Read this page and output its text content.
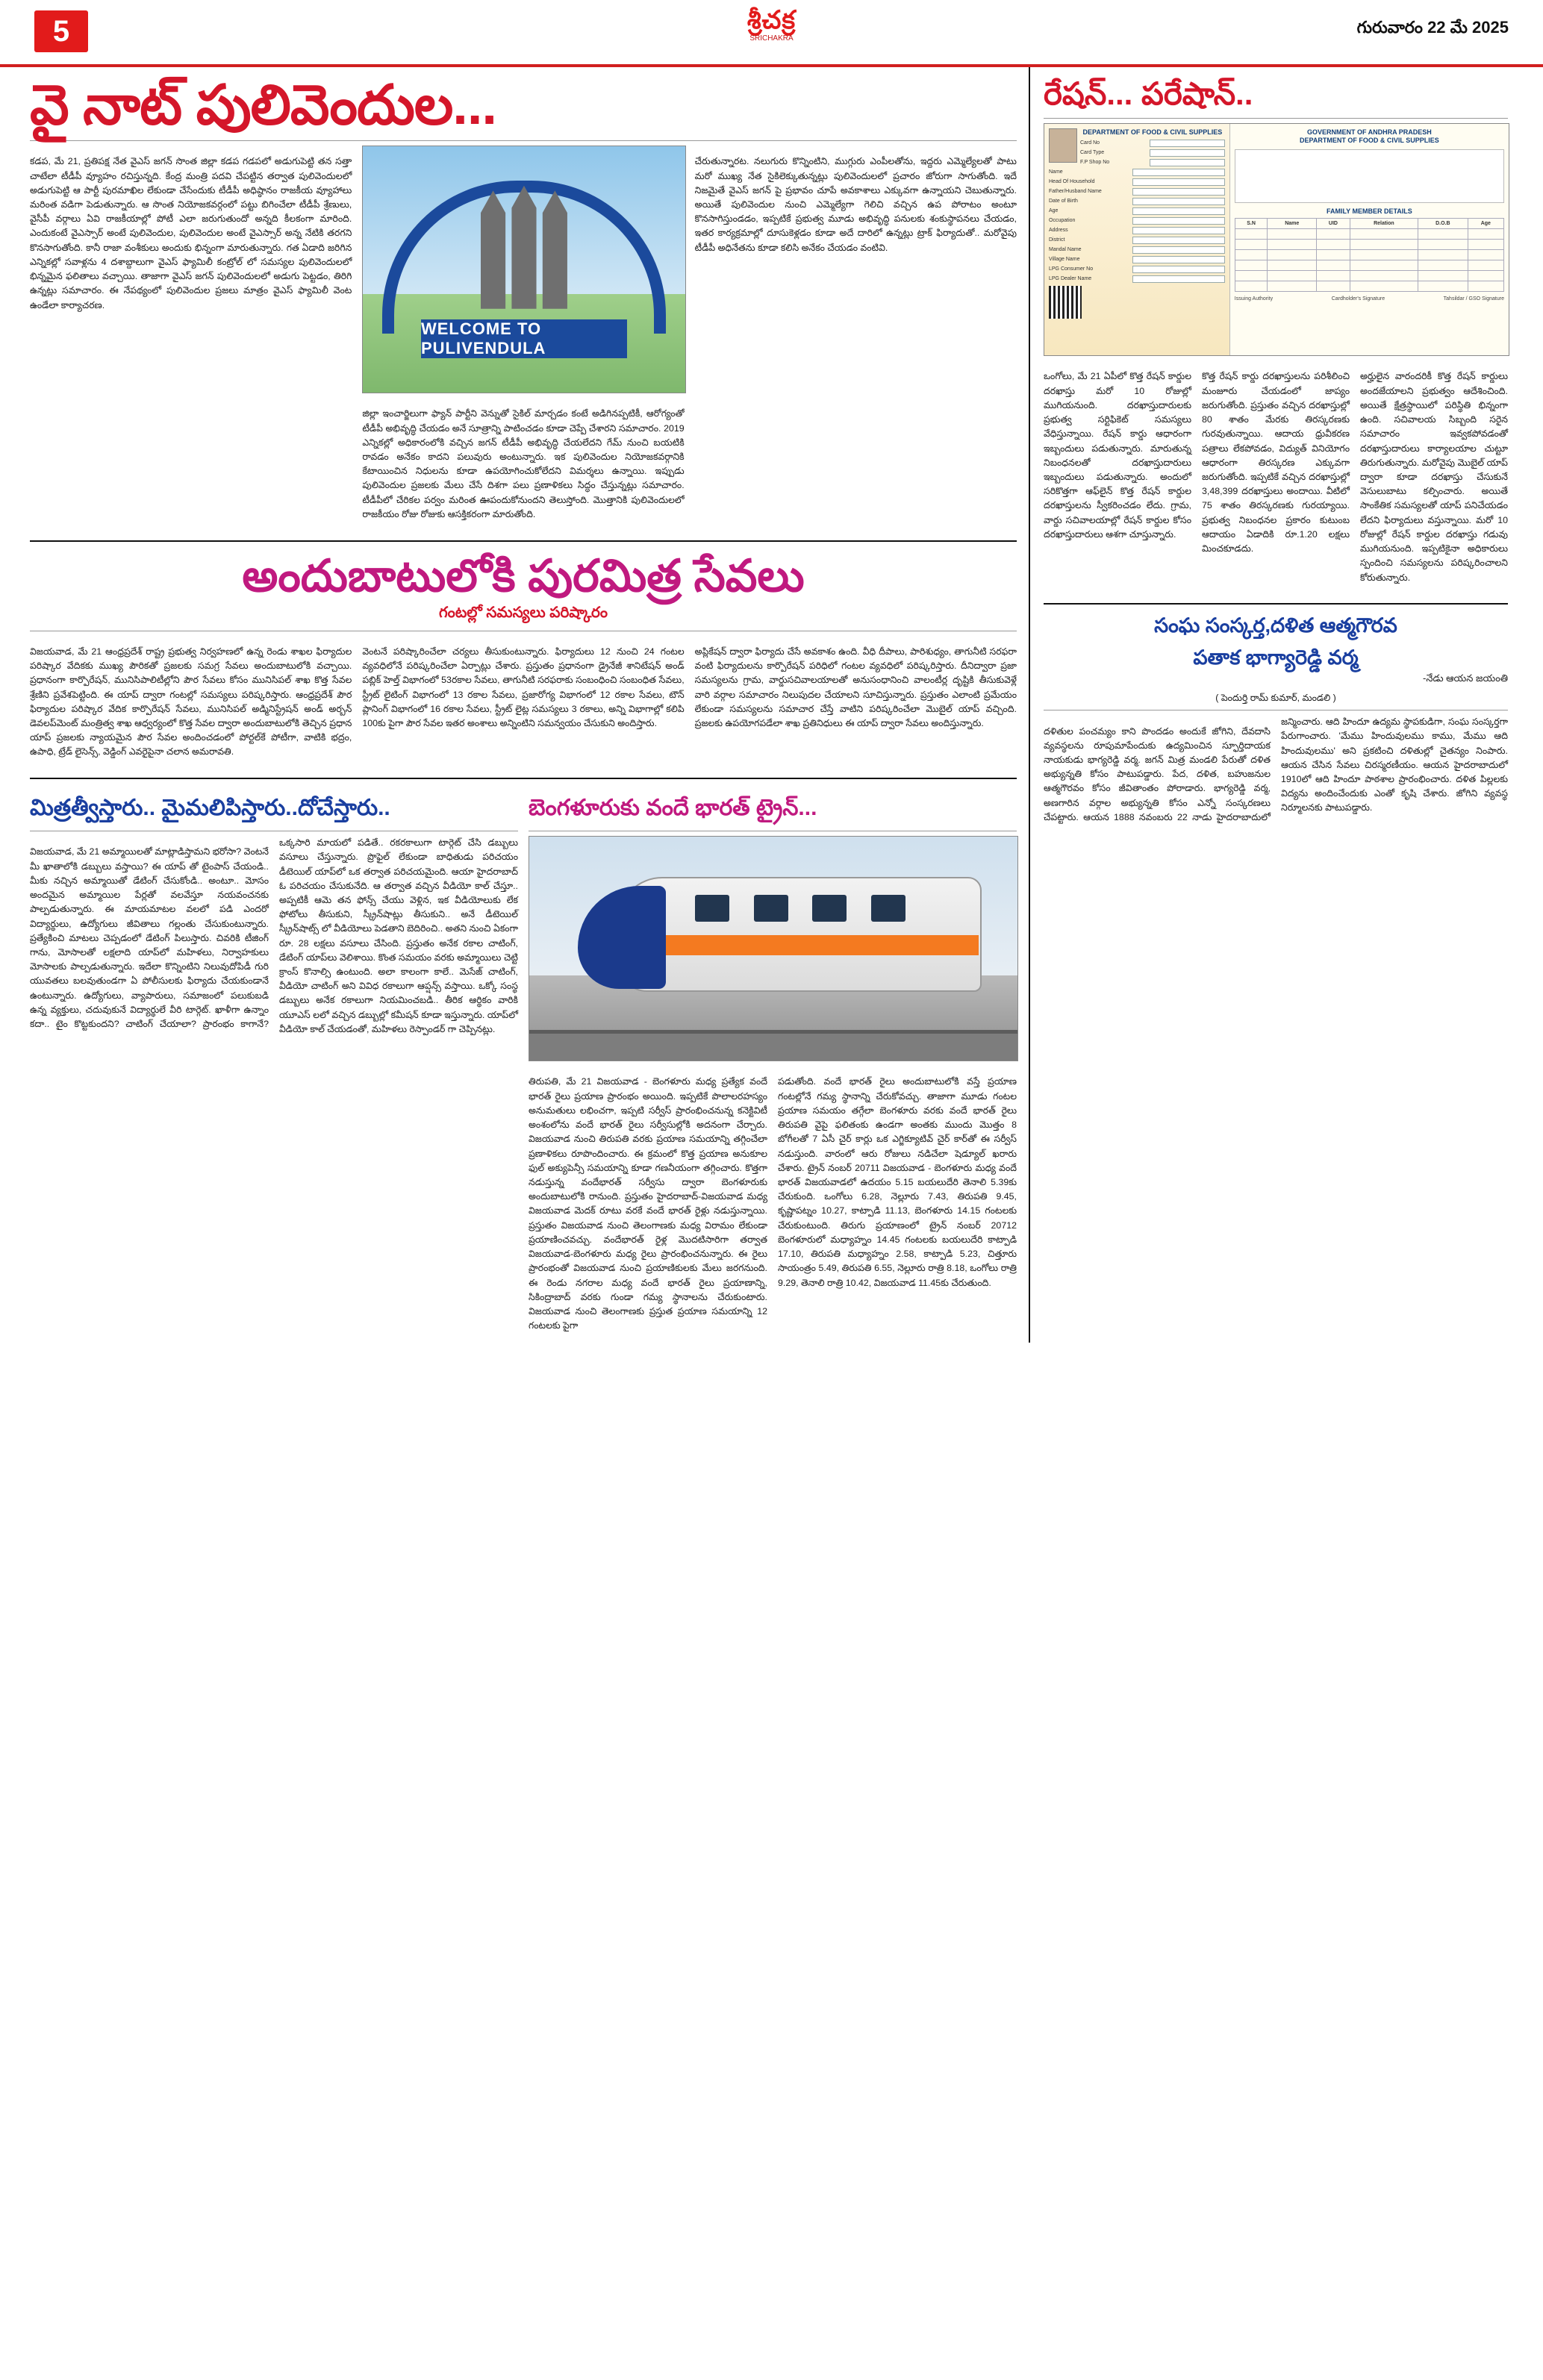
5	శ్రీచక్ర
SRICHAKRA
గురువారం 22 మే 2025
వై నాట్ పులివెందుల...

కడప, మే 21, ప్రతిపక్ష నేత వైఎస్ జగన్ సొంత జిల్లా కడప గడపలో అడుగుపెట్టి తన సత్తా చాటేలా టీడీపీ వ్యూహం రచిస్తున్నది. కేంద్ర మంత్రి పదవి చేపట్టిన తర్వాత పులివెందులలో అడుగుపెట్టి ఆ పార్టీ పురమాఖిల లేకుండా చేసేందుకు టీడీపీ అధిష్ఠానం రాజకీయ వ్యూహాలు మరింత వడిగా పెడుతున్నారు. ఆ సొంత నియోజకవర్గంలో పట్టు బిగించేలా టీడీపీ శ్రేణులు, వైసీపీ వర్గాలు ఏవి రాజకీయాల్లో పోటీ ఎలా జరుగుతుందో అన్నది కీలకంగా మారింది. ఎందుకంటే వైఎస్సార్ అంటే పులివెందుల, పులివెందుల అంటే వైఎస్సార్ అన్న నేటికి తరగని కొనసాగుతోంది. కానీ రాజా వంశీకులు అందుకు భిన్నంగా మారుతున్నారు. గత ఏడాది జరిగిన ఎన్నికల్లో సవాళ్లను 4 దశాబ్దాలుగా వైఎస్ ఫ్యామిలీ కంట్రోల్ లో సమస్యల పులివెందులలో భిన్నమైన ఫలితాలు వచ్చాయి. తాజాగా వైఎస్ జగన్ పులివెందులలో అడుగు పెట్టడం, తిరిగి ఉన్నట్లు సమాచారం. ఈ నేపథ్యంలో పులివెందుల ప్రజలు మాత్రం వైఎస్ ఫ్యామిలీ వెంట ఉండేలా కార్యాచరణ.

WELCOME TO PULIVENDULA

జిల్లా ఇంచార్జిలుగా ఫ్యాన్ పార్టీని వెన్నుతో సైకిల్ మార్చడం కంటే అడిగినప్పటికీ, ఆరోగ్యంతో టీడీపీ అభివృద్ధి చేయడం అనే సూత్రాన్ని పాటించడం కూడా చెప్పే చేశారని సమాచారం. 2019 ఎన్నికల్లో అధికారంలోకి వచ్చిన జగన్ టీడీపీ అభివృద్ధి చేయలేదని గేమ్ నుంచి బయటికి రావడం అనేకం కాదని పలువురు అంటున్నారు. ఇక పులివెందుల నియోజకవర్గానికి కేటాయించిన నిధులను కూడా ఉపయోగించుకోలేదని విమర్శలు ఉన్నాయి. ఇప్పుడు పులివెందుల ప్రజలకు మేలు చేసే దిశగా పలు ప్రణాళికలు సిద్ధం చేస్తున్నట్లు సమాచారం. టీడీపీలో చేరికల పర్వం మరింత ఊపందుకోనుందని తెలుస్తోంది. మొత్తానికి పులివెందులలో రాజకీయం రోజు రోజుకు ఆసక్తికరంగా మారుతోంది.

చేరుతున్నారట. నలుగురు కొన్నింటిని, ముగ్గురు ఎంపీలతోను, ఇద్దరు ఎమ్మెల్యేలతో పాటు మరో ముఖ్య నేత సైకిలెక్కుతున్నట్లు పులివెందులలో ప్రచారం జోరుగా సాగుతోంది. ఇదే నిజమైతే వైఎస్ జగన్ పై ప్రభావం చూపే అవకాశాలు ఎక్కువగా ఉన్నాయని చెబుతున్నారు. అయితే పులివెందుల నుంచి ఎమ్మెల్యేగా గెలిచి వచ్చిన ఉప పోరాటం అంటూ కొనసాగిస్తుండడం, ఇప్పటికే ప్రభుత్వ మూడు అభివృద్ధి పనులకు శంకుస్థాపనలు చేయడం, ఇతర కార్యక్రమాల్లో దూసుకెళ్లడం కూడా అదే దారిలో ఉన్నట్లు ట్రాక్ ఫిర్యాదుతో.. మరోవైపు టీడీపీ అధినేతను కూడా కలిసి అనేకం చేయడం వంటివి.

అందుబాటులోకి పురమిత్ర సేవలు
గంటల్లో సమస్యలు పరిష్కారం

విజయవాడ, మే 21 ఆంధ్రప్రదేశ్ రాష్ట్ర ప్రభుత్వ నిర్వహణలో ఉన్న రెండు శాఖల ఫిర్యాదుల పరిష్కార వేదికకు ముఖ్య పౌరికతో ప్రజలకు సమగ్ర సేవలు అందుబాటులోకి వచ్చాయి. ప్రధానంగా కార్పొరేషన్, మునిసిపాలిటీల్లోని పౌర సేవలు కోసం మునిసిపల్ శాఖ కొత్త సేవల శ్రేణిని ప్రవేశపెట్టింది. ఈ యాప్ ద్వారా గంటల్లో సమస్యలు పరిష్కరిస్తారు. ఆంధ్రప్రదేశ్ పౌర ఫిర్యాదుల పరిష్కార వేదిక కార్పొరేషన్ సేవలు, మునిసిపల్ అడ్మినిస్ట్రేషన్ అండ్ అర్బన్ డెవలప్‌మెంట్ మంత్రిత్వ శాఖ ఆధ్వర్యంలో కొత్త సేవల ద్వారా అందుబాటులోకి తెచ్చిన ప్రధాన యాప్ ప్రజలకు న్యాయమైన పౌర సేవల అందించడంలో పోర్టల్‌కే పోటీగా, వాటికి భద్రం, ఉపాధి, ట్రేడ్ లైసెన్స్, వెడ్డింగ్ ఎవరైపైనా చలాన అమరావతి.

వెంటనే పరిష్కారించేలా చర్యలు తీసుకుంటున్నారు. ఫిర్యాదులు 12 నుంచి 24 గంటల వ్యవధిలోనే పరిష్కరించేలా ఏర్పాట్లు చేశారు. ప్రస్తుతం ప్రధానంగా డ్రైనేజీ శానిటేషన్ అండ్ పబ్లిక్ హెల్త్ విభాగంలో 53రకాల సేవలు, తాగునీటి సరఫరాకు సంబంధించి సంబంధిత సేవలు, స్ట్రీట్ లైటింగ్ విభాగంలో 13 రకాల సేవలు, ప్రజారోగ్య విభాగంలో 12 రకాల సేవలు, టౌన్ ప్లానింగ్ విభాగంలో 16 రకాల సేవలు, స్ట్రీట్ లైట్ల సమస్యలు 3 రకాలు, అన్ని విభాగాల్లో కలిపి 100కు పైగా పౌర సేవల ఇతర అంశాలు అన్నింటిని సమన్వయం చేసుకుని అందిస్తారు.

అప్లికేషన్ ద్వారా ఫిర్యాదు చేసే అవకాశం ఉంది. వీధి దీపాలు, పారిశుధ్యం, తాగునీటి సరఫరా వంటి ఫిర్యాదులను కార్పొరేషన్ పరిధిలో గంటల వ్యవధిలో పరిష్కరిస్తారు. దీనిద్వారా ప్రజా సమస్యలను గ్రామ, వార్డుసచివాలయాలతో అనుసంధానించి వాలంటీర్ల దృష్టికి తీసుకువెళ్లే వారి వర్గాల సమాచారం నిలుపుదల చేయాలని సూచిస్తున్నారు. ప్రస్తుతం ఎలాంటి ప్రమేయం లేకుండా సమస్యలను సమాచార చేస్తే వాటిని పరిష్కరించేలా మొబైల్ యాప్ వచ్చింది. ప్రజలకు ఉపయోగపడేలా శాఖ ప్రతినిధులు ఈ యాప్ ద్వారా సేవలు అందిస్తున్నారు.

మిత్రత్వీస్తారు.. మైమలిపిస్తారు..దోచేస్తారు..

విజయవాడ, మే 21 అమ్మాయిలతో మాట్లాడిస్తామని భరోసా? వెంటనే మీ ఖాతాలోకి డబ్బులు వస్తాయి? ఈ యాప్ తో టైంపాస్ చేయండి.. మీకు నచ్చిన అమ్మాయితో డేటింగ్ చేసుకోండి.. అంటూ.. మోసం అందమైన అమ్మాయిల పేర్లతో వలవేస్తూ నయవంచనకు పాల్పడుతున్నారు. ఈ మాయమాటల వలలో పడి ఎందరో విద్యార్థులు, ఉద్యోగులు జీవితాలు గల్లంతు చేసుకుంటున్నారు. ప్రత్యేకించి మాటలు చెప్పడంలో డేటింగ్ పిలుస్తారు. చివరికి టీజింగ్ గాను, మోసాలతో లక్షలాది యాప్‌లో మహిళలు, నిర్వాహకులు మోసాలకు పాల్పడుతున్నారు. ఇదేలా కొన్నింటిని నిలువుదోపిడీ గురి యువతలు బలవుతుండగా ఏ పోలీసులకు ఫిర్యాదు చేయకుండానే ఉంటున్నారు. ఉద్యోగులు, వ్యాపారులు, సమాజంలో పలుకుబడి ఉన్న వ్యక్తులు, చదువుకునే విద్యార్థులే వీరి టార్గెట్. ఖాళీగా ఉన్నాం కదా.. టైం కొట్టకుందని? చాటింగ్ చేయాలా? ప్రారంభం కాగానే? ఒక్కసారి మాయలో పడితే.. రకరకాలుగా టార్గెట్ చేసి డబ్బులు వసూలు చేస్తున్నారు. ప్రొఫైల్ లేకుండా బాధితుడు పరిచయం డీటెయిల్ యాప్‌లో ఒక తర్వాత పరిచయమైంది. ఆయా హైదరాబాద్ ఓ పరిచయం చేసుకునేది. ఆ తర్వాత వచ్చిన వీడియో కాల్ చేస్తూ.. అప్పటికీ ఆమె తన ఫోన్స్ చేయు వెళ్లిన, ఇక వీడియోలుకు లేక ఫోటోలు తీసుకుని, స్క్రీన్‌షాట్లు తీసుకుని.. అనే డీటెయిల్ స్క్రీన్‌షాట్స్ లో వీడియోలు పెడతాని బెదిరించి.. అతని నుంచి ఏకంగా రూ. 28 లక్షలు వసూలు చేసింది. ప్రస్తుతం అనేక రకాల చాటింగ్, డేటింగ్ యాప్‌లు వెలిశాయి. కొంత సమయం వరకు అమ్మాయిలు చెట్టి క్రాంస్ కొనాల్సి ఉంటుంది. అలా కాలంగా కాలే.. మెసేజ్ చాటింగ్, వీడియో చాటింగ్ అని వివిధ రకాలుగా ఆప్షన్స్ వస్తాయి. ఒక్కో సంస్థ డబ్బులు అనేక రకాలుగా నియమించబడి.. తీరిక ఆర్థికం వారికి యూఎస్ లలో వచ్చిన డబ్బుల్లో కమీషన్ కూడా ఇస్తున్నారు. యాప్‌లో వీడియో కాల్ చేయడంతో, మహిళలు రెస్పాండర్ గా చెప్పినట్లు.

బెంగళూరుకు వందే భారత్ ట్రైన్...

తిరుపతి, మే 21 విజయవాడ - బెంగళూరు మధ్య ప్రత్యేక వందే భారత్ రైలు ప్రయాణ ప్రారంభం అయింది. ఇప్పటికే పొలాలరహస్యం అనుమతులు లభించగా, ఇప్పటి సర్వీస్ ప్రారంభించనున్న కనెక్టివిటీ అంశంలోను వందే భారత్ రైలు సర్వీసుల్లోకి అదనంగా చేర్చారు. విజయవాడ నుంచి తిరుపతి వరకు ప్రయాణ సమయాన్ని తగ్గించేలా ప్రణాళికలు రూపొందించారు. ఈ క్రమంలో కొత్త ప్రయాణ అనుకూల ఫుల్ అక్యుపెన్సీ సమయాన్ని కూడా గణనీయంగా తగ్గించారు. కొత్తగా నడుస్తున్న వందేభారత్ సర్వీసు ద్వారా బెంగళూరుకు అందుబాటులోకి రానుంది. ప్రస్తుతం హైదరాబాద్-విజయవాడ మధ్య విజయవాడ మెదక్ రూటు వరకే వందే భారత్ రైళ్లు నడుస్తున్నాయి. ప్రస్తుతం విజయవాడ నుంచి తెలంగాణకు మధ్య విరామం లేకుండా ప్రయాణించవచ్చు. వందేభారత్ రైళ్ల మొదటిసారిగా తర్వాత విజయవాడ-బెంగళూరు మధ్య రైలు ప్రారంభించనున్నారు. ఈ రైలు ప్రారంభంతో విజయవాడ నుంచి ప్రయాణికులకు మేలు జరగనుంది. ఈ రెండు నగరాల మధ్య వందే భారత్ రైలు ప్రయాణాన్ని, సికింద్రాబాద్ వరకు గుండా గమ్య స్థానాలను చేరుకుంటారు. విజయవాడ నుంచి తెలంగాణకు ప్రస్తుత ప్రయాణ సమయాన్ని 12 గంటలకు పైగా

పడుతోంది. వందే భారత్ రైలు అందుబాటులోకి వస్తే ప్రయాణ గంటల్లోనే గమ్య స్థానాన్ని చేరుకోవచ్చు. తాజాగా మూడు గంటల ప్రయాణ సమయం తగ్గేలా బెంగళూరు వరకు వందే భారత్ రైలు తిరుపతి వైపై ఫలితంకు ఉండగా అంతకు ముందు మొత్తం 8 బోగీలతో 7 ఏసీ చైర్ కార్లు ఒక ఎగ్జిక్యూటివ్ చైర్ కార్‌తో ఈ సర్వీస్ నడుస్తుంది. వారంలో ఆరు రోజులు నడిచేలా షెడ్యూల్ ఖరారు చేశారు. ట్రైన్ నంబర్ 20711 విజయవాడ - బెంగళూరు మధ్య వందే భారత్ విజయవాడలో ఉదయం 5.15 బయలుదేరి తెనాలి 5.39కు చేరుకుంది. ఒంగోలు 6.28, నెల్లూరు 7.43, తిరుపతి 9.45, కృష్ణాపట్నం 10.27, కాట్పాడి 11.13, బెంగళూరు 14.15 గంటలకు చేరుకుంటుంది. తిరుగు ప్రయాణంలో ట్రైన్ నంబర్ 20712 బెంగళూరులో మధ్యాహ్నం 14.45 గంటలకు బయలుదేరి కాట్పాడి 17.10, తిరుపతి మధ్యాహ్నం 2.58, కాట్పాడి 5.23, చిత్తూరు సాయంత్రం 5.49, తిరుపతి 6.55, నెల్లూరు రాత్రి 8.18, ఒంగోలు రాత్రి 9.29, తెనాలి రాత్రి 10.42, విజయవాడ 11.45కు చేరుతుంది.

రేషన్... పరేషాన్..
DEPARTMENT OF FOOD & CIVIL SUPPLIES
Card No
Card Type
F.P Shop No
Name
Head Of Household
Father/Husband Name
Date of Birth
Age
Occupation
Address
District
Mandal Name
Village Name
LPG Consumer No
LPG Dealer Name
GOVERNMENT OF ANDHRA PRADESH
DEPARTMENT OF FOOD & CIVIL SUPPLIES
FAMILY MEMBER DETAILS
S.N	Name	UID	Relation	D.O.B	Age

Issuing Authority	Cardholder's Signature	Tahsildar / GSO Signature

ఒంగోలు, మే 21 ఏపీలో కొత్త రేషన్ కార్డుల దరఖాస్తు మరో 10 రోజుల్లో ముగియనుంది. దరఖాస్తుదారులకు ప్రభుత్వ సర్టిఫికెట్ సమస్యలు వేధిస్తున్నాయి. రేషన్ కార్డు ఆధారంగా ఇబ్బందులు పడుతున్నారు. మారుతున్న నిబంధనలతో దరఖాస్తుదారులు ఇబ్బందులు పడుతున్నారు. అందులో సరికొత్తగా ఆఫ్‌లైన్ కొత్త రేషన్ కార్డుల దరఖాస్తులను స్వీకరించడం లేదు. గ్రామ, వార్డు సచివాలయాల్లో రేషన్ కార్డుల కోసం దరఖాస్తుదారులు ఆశగా చూస్తున్నారు.

కొత్త రేషన్ కార్డు దరఖాస్తులను పరిశీలించి మంజూరు చేయడంలో జాప్యం జరుగుతోంది. ప్రస్తుతం వచ్చిన దరఖాస్తుల్లో 80 శాతం మేరకు తిరస్కరణకు గురవుతున్నాయి. ఆదాయ ధ్రువీకరణ పత్రాలు లేకపోవడం, విద్యుత్ వినియోగం ఆధారంగా తిరస్కరణ ఎక్కువగా జరుగుతోంది. ఇప్పటికే వచ్చిన దరఖాస్తుల్లో 3,48,399 దరఖాస్తులు అందాయి. వీటిలో 75 శాతం తిరస్కరణకు గురయ్యాయి. ప్రభుత్వ నిబంధనల ప్రకారం కుటుంబ ఆదాయం ఏడాదికి రూ.1.20 లక్షలు మించకూడదు.

అర్హులైన వారందరికీ కొత్త రేషన్ కార్డులు అందజేయాలని ప్రభుత్వం ఆదేశించింది. అయితే క్షేత్రస్థాయిలో పరిస్థితి భిన్నంగా ఉంది. సచివాలయ సిబ్బంది సరైన సమాచారం ఇవ్వకపోవడంతో దరఖాస్తుదారులు కార్యాలయాల చుట్టూ తిరుగుతున్నారు. మరోవైపు మొబైల్ యాప్ ద్వారా కూడా దరఖాస్తు చేసుకునే వెసులుబాటు కల్పించారు. అయితే సాంకేతిక సమస్యలతో యాప్ పనిచేయడం లేదని ఫిర్యాదులు వస్తున్నాయి. మరో 10 రోజుల్లో రేషన్ కార్డుల దరఖాస్తు గడువు ముగియనుంది. ఇప్పటికైనా అధికారులు స్పందించి సమస్యలను పరిష్కరించాలని కోరుతున్నారు.

సంఘ సంస్కర్త,దళిత ఆత్మగౌరవ
పతాక భాగ్యారెడ్డి వర్మ
-నేడు ఆయన జయంతి
( పెందుర్తి రామ్ కుమార్, మండలి )

దళితుల పంచమ్యం కాని పొందడం అందుకే జోగిని, దేవదాసి వ్యవస్థలను రూపుమాపేందుకు ఉద్యమించిన స్ఫూర్తిదాయక నాయకుడు భాగ్యరెడ్డి వర్మ. జగన్ మిత్ర మండలి పేరుతో దళిత అభ్యున్నతి కోసం పాటుపడ్డారు. పేద, దళిత, బహుజనుల ఆత్మగౌరవం కోసం జీవితాంతం పోరాడారు. భాగ్యరెడ్డి వర్మ, అణగారిన వర్గాల అభ్యున్నతి కోసం ఎన్నో సంస్కరణలు చేపట్టారు. ఆయన 1888 నవంబరు 22 నాడు హైదరాబాదులో జన్మించారు. ఆది హిందూ ఉద్యమ స్థాపకుడిగా, సంఘ సంస్కర్తగా పేరుగాంచారు. 'మేము హిందువులము కాము, మేము ఆది హిందువులము' అని ప్రకటించి దళితుల్లో చైతన్యం నింపారు. ఆయన చేసిన సేవలు చిరస్మరణీయం. ఆయన హైదరాబాదులో 1910లో ఆది హిందూ పాఠశాల ప్రారంభించారు. దళిత పిల్లలకు విద్యను అందించేందుకు ఎంతో కృషి చేశారు. జోగిని వ్యవస్థ నిర్మూలనకు పాటుపడ్డారు.
